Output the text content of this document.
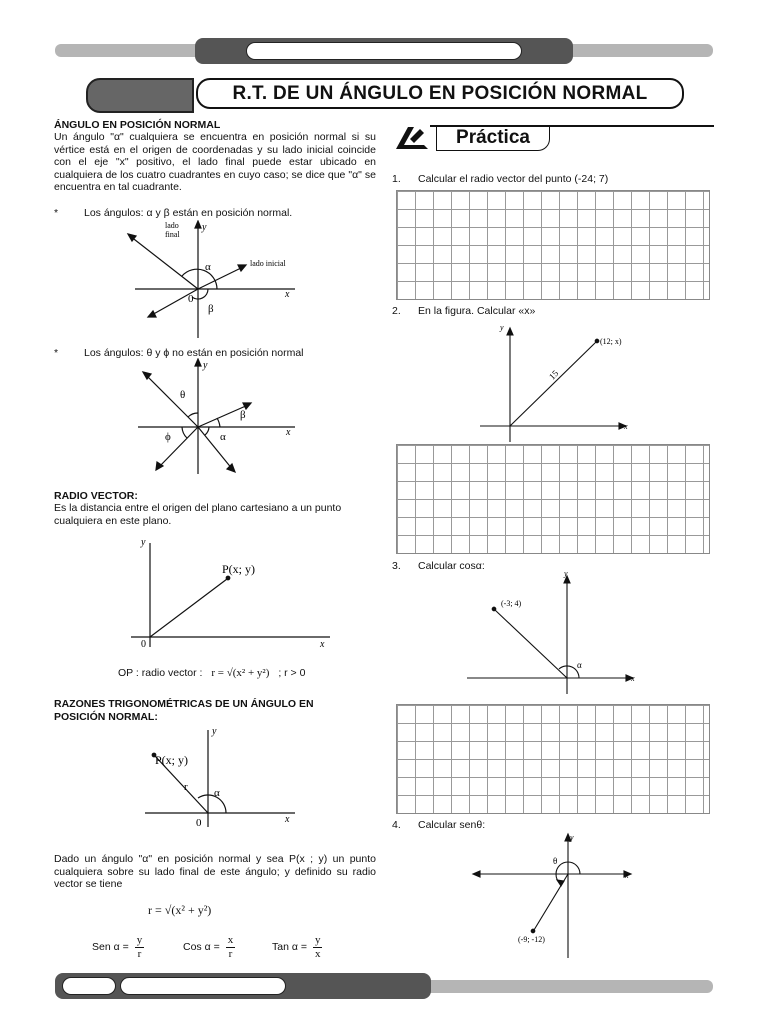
R.T. DE UN ÁNGULO EN POSICIÓN NORMAL
ÁNGULO EN POSICIÓN NORMAL
Un ángulo "α" cualquiera se encuentra en posición normal si su vértice está en el origen de coordenadas y su lado inicial coincide con el eje "x" positivo, el lado final puede estar ubicado en cualquiera de los cuatro cuadrantes en cuyo caso; se dice que "α" se encuentra en tal cuadrante.
* Los ángulos: α y β están en posición normal.
lado
final
lado inicial
α
β
0	x
y
* Los ángulos: θ y ϕ no están en posición normal
θ
β
ϕ	α	x
y
RADIO VECTOR:
Es la distancia entre el origen del plano cartesiano a un punto cualquiera en este plano.
P(x; y)
0	x
y
OP : radio vector : r = √(x² + y²) ; r > 0
RAZONES TRIGONOMÉTRICAS DE UN ÁNGULO EN POSICIÓN NORMAL:
P(x; y)
r α
0	x
y
Dado un ángulo "α" en posición normal y sea P(x ; y) un punto cualquiera sobre su lado final de este ángulo; y definido su radio vector se tiene
r = √(x² + y²)
Sen $\alpha = \frac{y}{r}$	Cos $\alpha = \frac{x}{r}$	Tan $\alpha = \frac{y}{x}$
Práctica
1. Calcular el radio vector del punto (-24; 7)
2. En la figura. Calcular «x»
(12; x)
15
x
y
3. Calcular cosα:
(-3; 4)
α
x
y
4. Calcular senθ:
θ
(-9; -12)
x
y
